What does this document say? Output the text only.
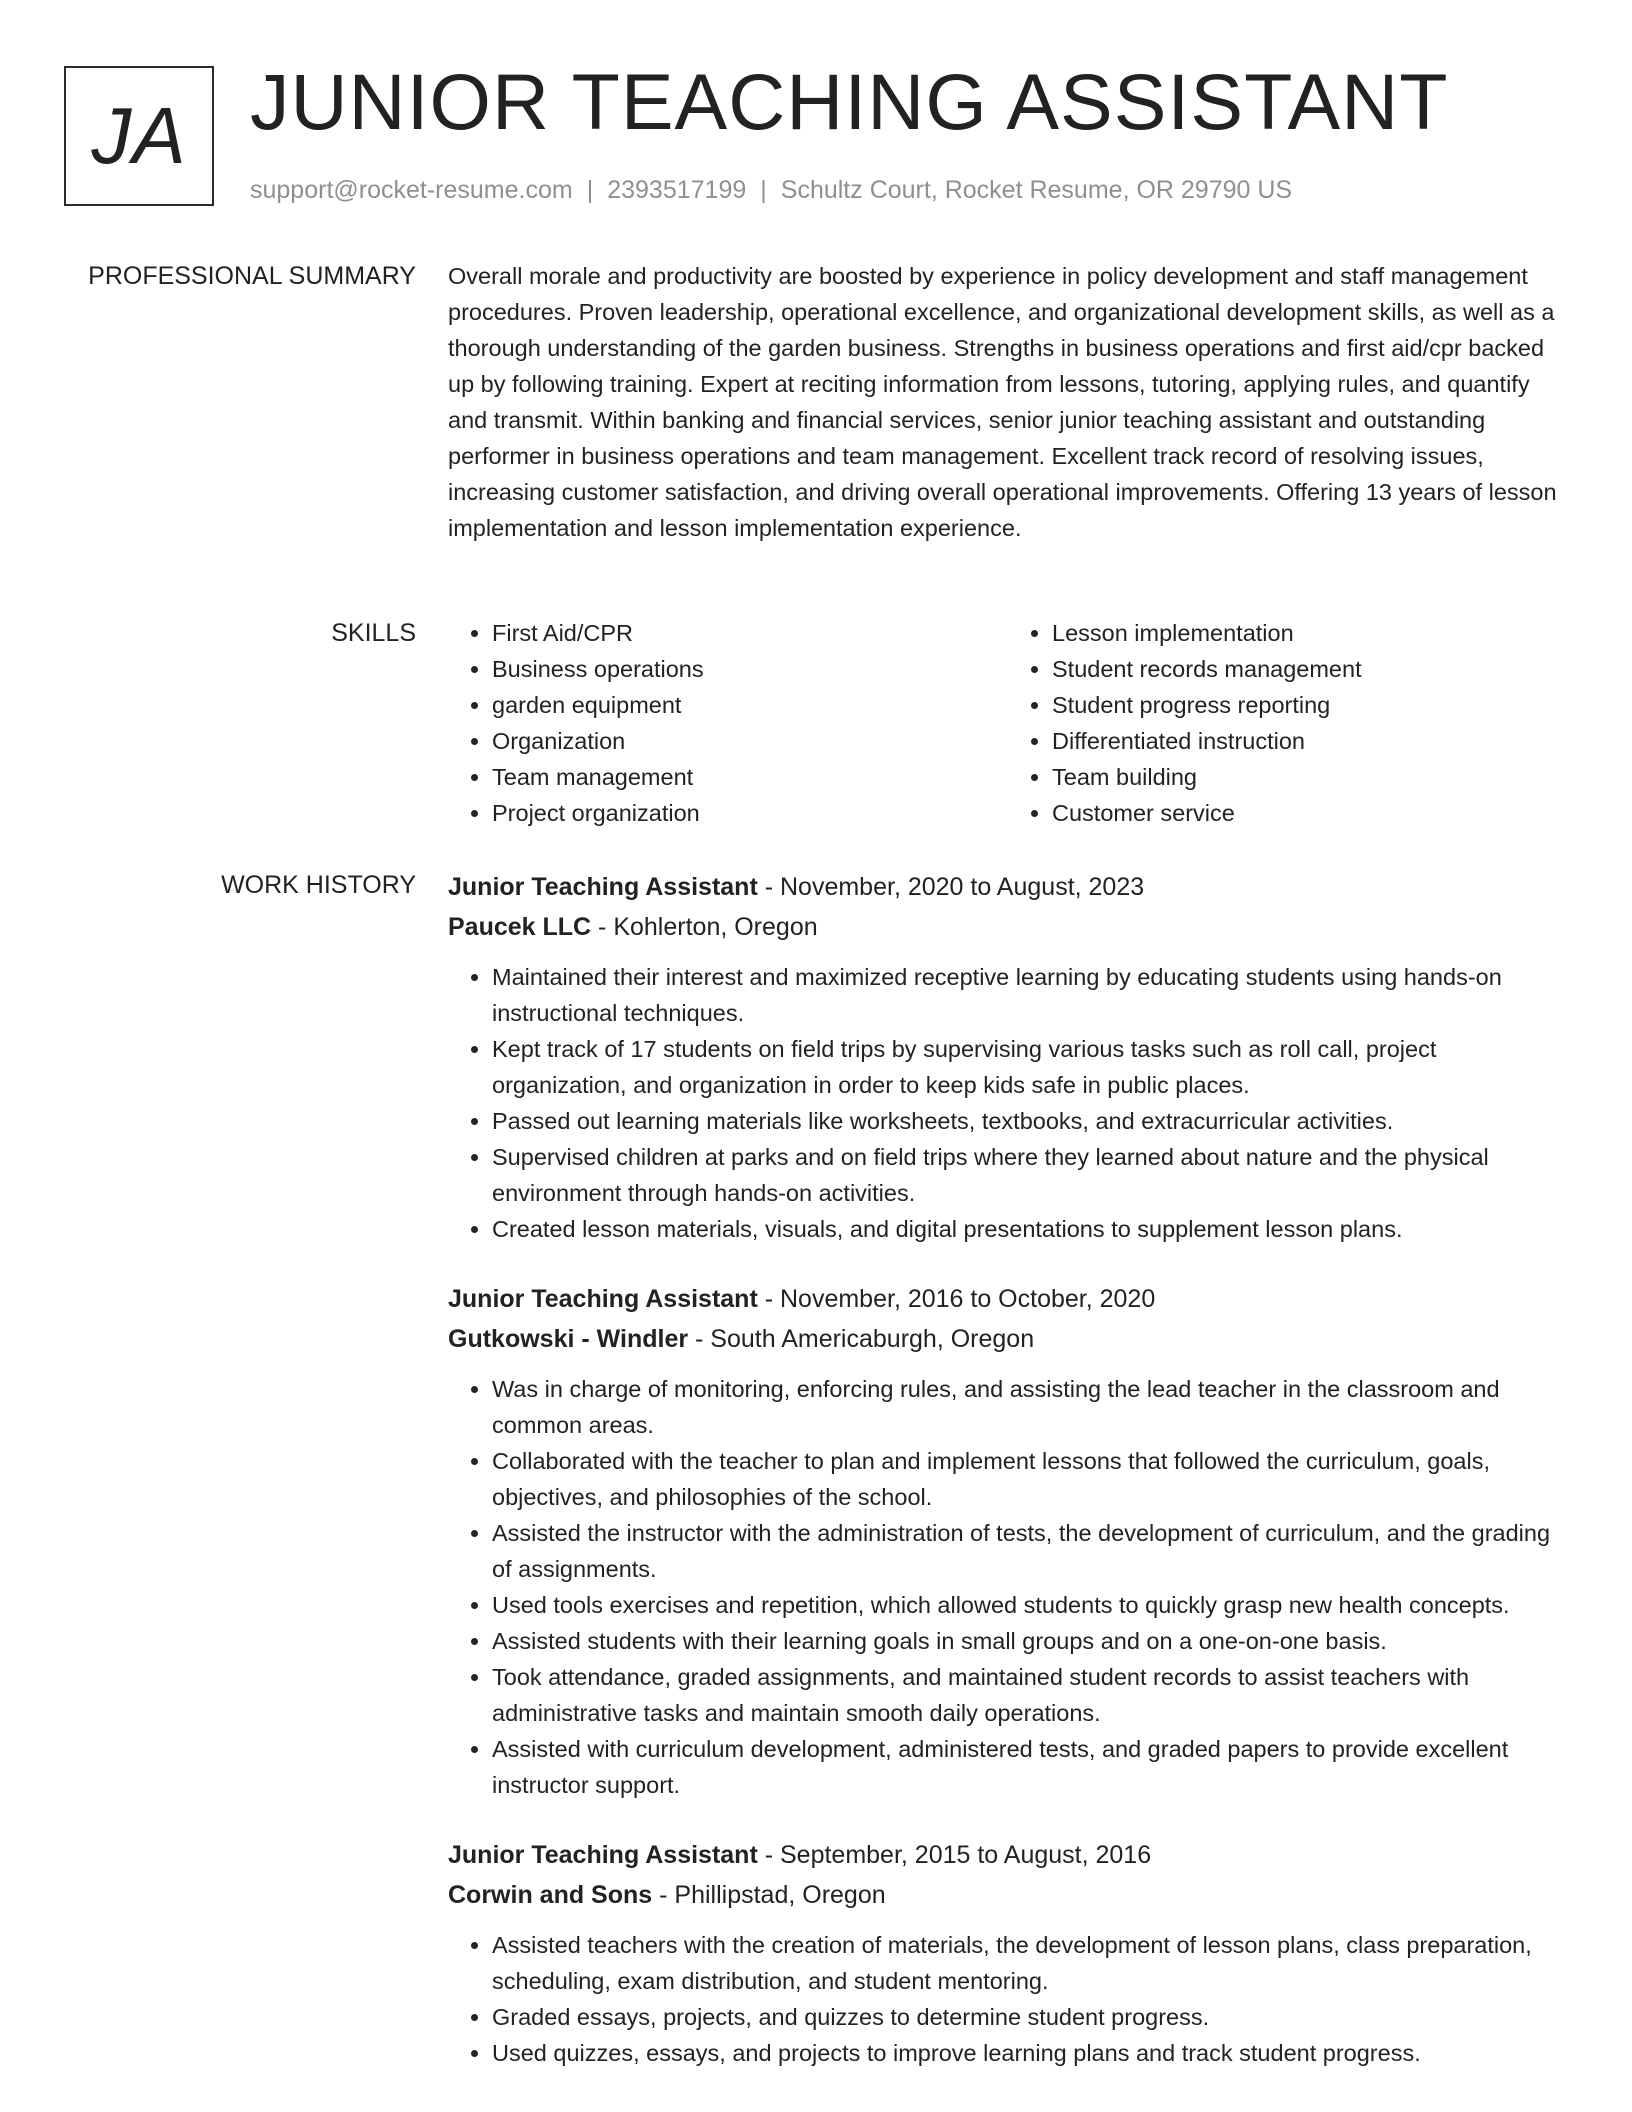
JA JUNIOR TEACHING ASSISTANT
support@rocket-resume.com | 2393517199 | Schultz Court, Rocket Resume, OR 29790 US
PROFESSIONAL SUMMARY Overall morale and productivity are boosted by experience in policy development and staff management procedures. Proven leadership, operational excellence, and organizational development skills, as well as a thorough understanding of the garden business. Strengths in business operations and first aid/cpr backed up by following training. Expert at reciting information from lessons, tutoring, applying rules, and quantify and transmit. Within banking and financial services, senior junior teaching assistant and outstanding performer in business operations and team management. Excellent track record of resolving issues, increasing customer satisfaction, and driving overall operational improvements. Offering 13 years of lesson implementation and lesson implementation experience.

SKILLS
•	First Aid/CPR
• Business operations
• garden equipment
• Organization
• Team management
• Project organization
• Lesson implementation
• Student records management
• Student progress reporting
• Differentiated instruction
• Team building
• Customer service
WORK HISTORY Junior Teaching Assistant - November, 2020 to August, 2023
Paucek LLC - Kohlerton, Oregon
• Maintained their interest and maximized receptive learning by educating students using hands-on instructional techniques.
• Kept track of 17 students on field trips by supervising various tasks such as roll call, project organization, and organization in order to keep kids safe in public places.
• Passed out learning materials like worksheets, textbooks, and extracurricular activities.
• Supervised children at parks and on field trips where they learned about nature and the physical environment through hands-on activities.
• Created lesson materials, visuals, and digital presentations to supplement lesson plans.
Junior Teaching Assistant - November, 2016 to October, 2020
Gutkowski - Windler - South Americaburgh, Oregon
• Was in charge of monitoring, enforcing rules, and assisting the lead teacher in the classroom and common areas.
• Collaborated with the teacher to plan and implement lessons that followed the curriculum, goals, objectives, and philosophies of the school.
• Assisted the instructor with the administration of tests, the development of curriculum, and the grading of assignments.
• Used tools exercises and repetition, which allowed students to quickly grasp new health concepts.
• Assisted students with their learning goals in small groups and on a one-on-one basis.
• Took attendance, graded assignments, and maintained student records to assist teachers with administrative tasks and maintain smooth daily operations.
• Assisted with curriculum development, administered tests, and graded papers to provide excellent instructor support.
Junior Teaching Assistant - September, 2015 to August, 2016
Corwin and Sons - Phillipstad, Oregon
• Assisted teachers with the creation of materials, the development of lesson plans, class preparation, scheduling, exam distribution, and student mentoring.
• Graded essays, projects, and quizzes to determine student progress.
• Used quizzes, essays, and projects to improve learning plans and track student progress.
